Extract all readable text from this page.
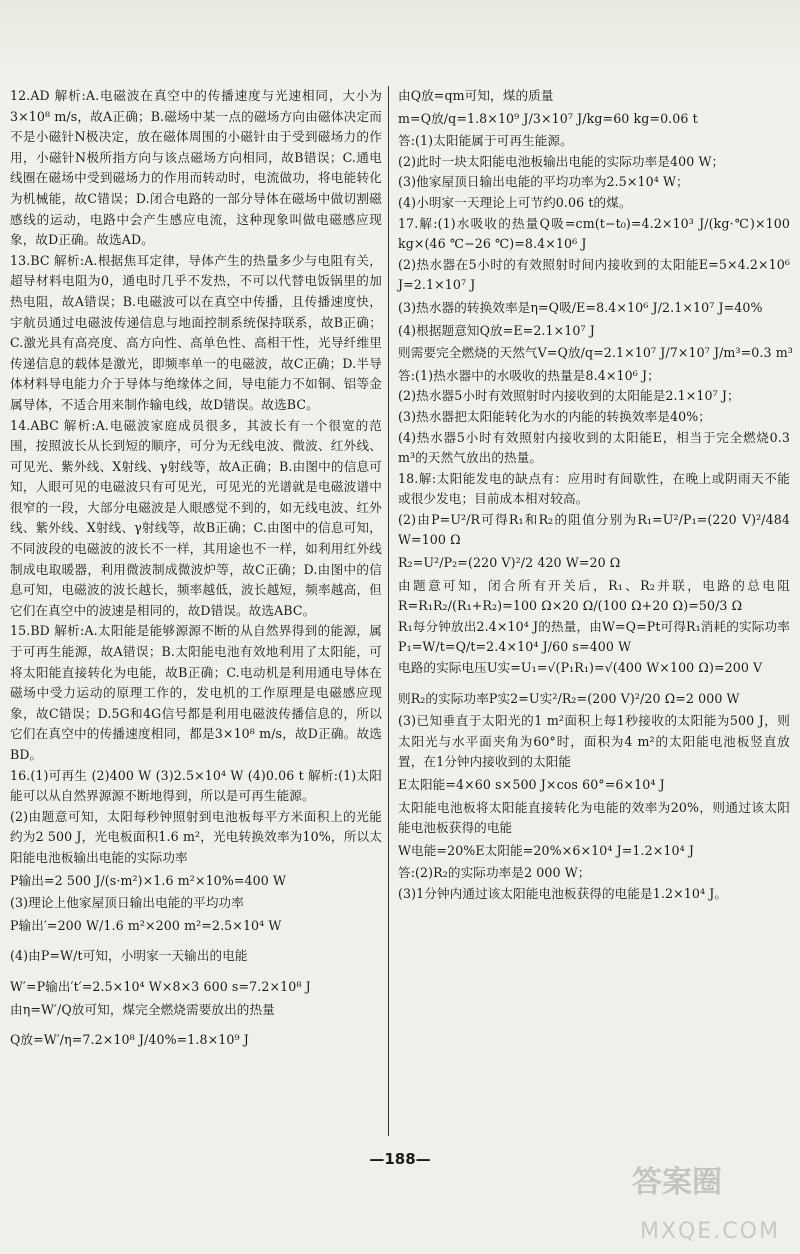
12.AD 解析:A.电磁波在真空中的传播速度与光速相同，大小为3×10⁸ m/s，故A正确；B.磁场中某一点的磁场方向由磁体决定而不是小磁针N极决定，放在磁体周围的小磁针由于受到磁场力的作用，小磁针N极所指方向与该点磁场方向相同，故B错误；C.通电线圈在磁场中受到磁场力的作用而转动时，电流做功，将电能转化为机械能，故C错误；D.闭合电路的一部分导体在磁场中做切割磁感线的运动，电路中会产生感应电流，这种现象叫做电磁感应现象，故D正确。故选AD。

13.BC 解析:A.根据焦耳定律，导体产生的热量多少与电阻有关，超导材料电阻为0，通电时几乎不发热，不可以代替电饭锅里的加热电阻，故A错误；B.电磁波可以在真空中传播，且传播速度快，宇航员通过电磁波传递信息与地面控制系统保持联系，故B正确；C.激光具有高亮度、高方向性、高单色性、高相干性，光导纤维里传递信息的载体是激光，即频率单一的电磁波，故C正确；D.半导体材料导电能力介于导体与绝缘体之间，导电能力不如铜、铝等金属导体，不适合用来制作输电线，故D错误。故选BC。

14.ABC 解析:A.电磁波家庭成员很多，其波长有一个很宽的范围，按照波长从长到短的顺序，可分为无线电波、微波、红外线、可见光、紫外线、X射线、γ射线等，故A正确；B.由图中的信息可知，人眼可见的电磁波只有可见光，可见光的光谱就是电磁波谱中很窄的一段，大部分电磁波是人眼感觉不到的，如无线电波、红外线、紫外线、X射线、γ射线等，故B正确；C.由图中的信息可知，不同波段的电磁波的波长不一样，其用途也不一样，如利用红外线制成电取暖器，利用微波制成微波炉等，故C正确；D.由图中的信息可知，电磁波的波长越长，频率越低，波长越短，频率越高，但它们在真空中的波速是相同的，故D错误。故选ABC。

15.BD 解析:A.太阳能是能够源源不断的从自然界得到的能源，属于可再生能源，故A错误；B.太阳能电池有效地利用了太阳能，可将太阳能直接转化为电能，故B正确；C.电动机是利用通电导体在磁场中受力运动的原理工作的，发电机的工作原理是电磁感应现象，故C错误；D.5G和4G信号都是利用电磁波传播信息的，所以它们在真空中的传播速度相同，都是3×10⁸ m/s，故D正确。故选BD。

16.(1)可再生 (2)400 W (3)2.5×10⁴ W (4)0.06 t 解析:(1)太阳能可以从自然界源源不断地得到，所以是可再生能源。

(2)由题意可知，太阳每秒钟照射到电池板每平方米面积上的光能约为2 500 J，光电板面积1.6 m²，光电转换效率为10%，所以太阳能电池板输出电能的实际功率

P输出=2 500 J/(s·m²)×1.6 m²×10%=400 W

(3)理论上他家屋顶日输出电能的平均功率

P输出′=200 W/1.6 m²×200 m²=2.5×10⁴ W

(4)由P=W/t可知，小明家一天输出的电能

W′=P输出′t′=2.5×10⁴ W×8×3 600 s=7.2×10⁸ J

由η=W′/Q放可知，煤完全燃烧需要放出的热量

Q放=W′/η=7.2×10⁸ J/40%=1.8×10⁹ J

由Q放=qm可知，煤的质量

m=Q放/q=1.8×10⁹ J/3×10⁷ J/kg=60 kg=0.06 t

答:(1)太阳能属于可再生能源。

(2)此时一块太阳能电池板输出电能的实际功率是400 W；

(3)他家屋顶日输出电能的平均功率为2.5×10⁴ W；

(4)小明家一天理论上可节约0.06 t的煤。

17.解:(1)水吸收的热量Q吸=cm(t−t₀)=4.2×10³ J/(kg·℃)×100 kg×(46 ℃−26 ℃)=8.4×10⁶ J

(2)热水器在5小时的有效照射时间内接收到的太阳能E=5×4.2×10⁶ J=2.1×10⁷ J

(3)热水器的转换效率是η=Q吸/E=8.4×10⁶ J/2.1×10⁷ J=40%

(4)根据题意知Q放=E=2.1×10⁷ J

则需要完全燃烧的天然气V=Q放/q=2.1×10⁷ J/7×10⁷ J/m³=0.3 m³

答:(1)热水器中的水吸收的热量是8.4×10⁶ J；

(2)热水器5小时有效照射时内接收到的太阳能是2.1×10⁷ J；

(3)热水器把太阳能转化为水的内能的转换效率是40%；

(4)热水器5小时有效照射内接收到的太阳能E，相当于完全燃烧0.3 m³的天然气放出的热量。

18.解:太阳能发电的缺点有：应用时有间歇性，在晚上或阴雨天不能或很少发电；目前成本相对较高。

(2)由P=U²/R可得R₁和R₂的阻值分别为R₁=U²/P₁=(220 V)²/484 W=100 Ω

R₂=U²/P₂=(220 V)²/2 420 W=20 Ω

由题意可知，闭合所有开关后，R₁、R₂并联，电路的总电阻R=R₁R₂/(R₁+R₂)=100 Ω×20 Ω/(100 Ω+20 Ω)=50/3 Ω

R₁每分钟放出2.4×10⁴ J的热量，由W=Q=Pt可得R₁消耗的实际功率P₁=W/t=Q/t=2.4×10⁴ J/60 s=400 W

电路的实际电压U实=U₁=√(P₁R₁)=√(400 W×100 Ω)=200 V

则R₂的实际功率P实2=U实²/R₂=(200 V)²/20 Ω=2 000 W

(3)已知垂直于太阳光的1 m²面积上每1秒接收的太阳能为500 J，则太阳光与水平面夹角为60°时，面积为4 m²的太阳能电池板竖直放置，在1分钟内接收到的太阳能

E太阳能=4×60 s×500 J×cos 60°=6×10⁴ J

太阳能电池板将太阳能直接转化为电能的效率为20%，则通过该太阳能电池板获得的电能

W电能=20%E太阳能=20%×6×10⁴ J=1.2×10⁴ J

答:(2)R₂的实际功率是2 000 W；

(3)1分钟内通过该太阳能电池板获得的电能是1.2×10⁴ J。

—188—
答案圈
MXQE.COM
